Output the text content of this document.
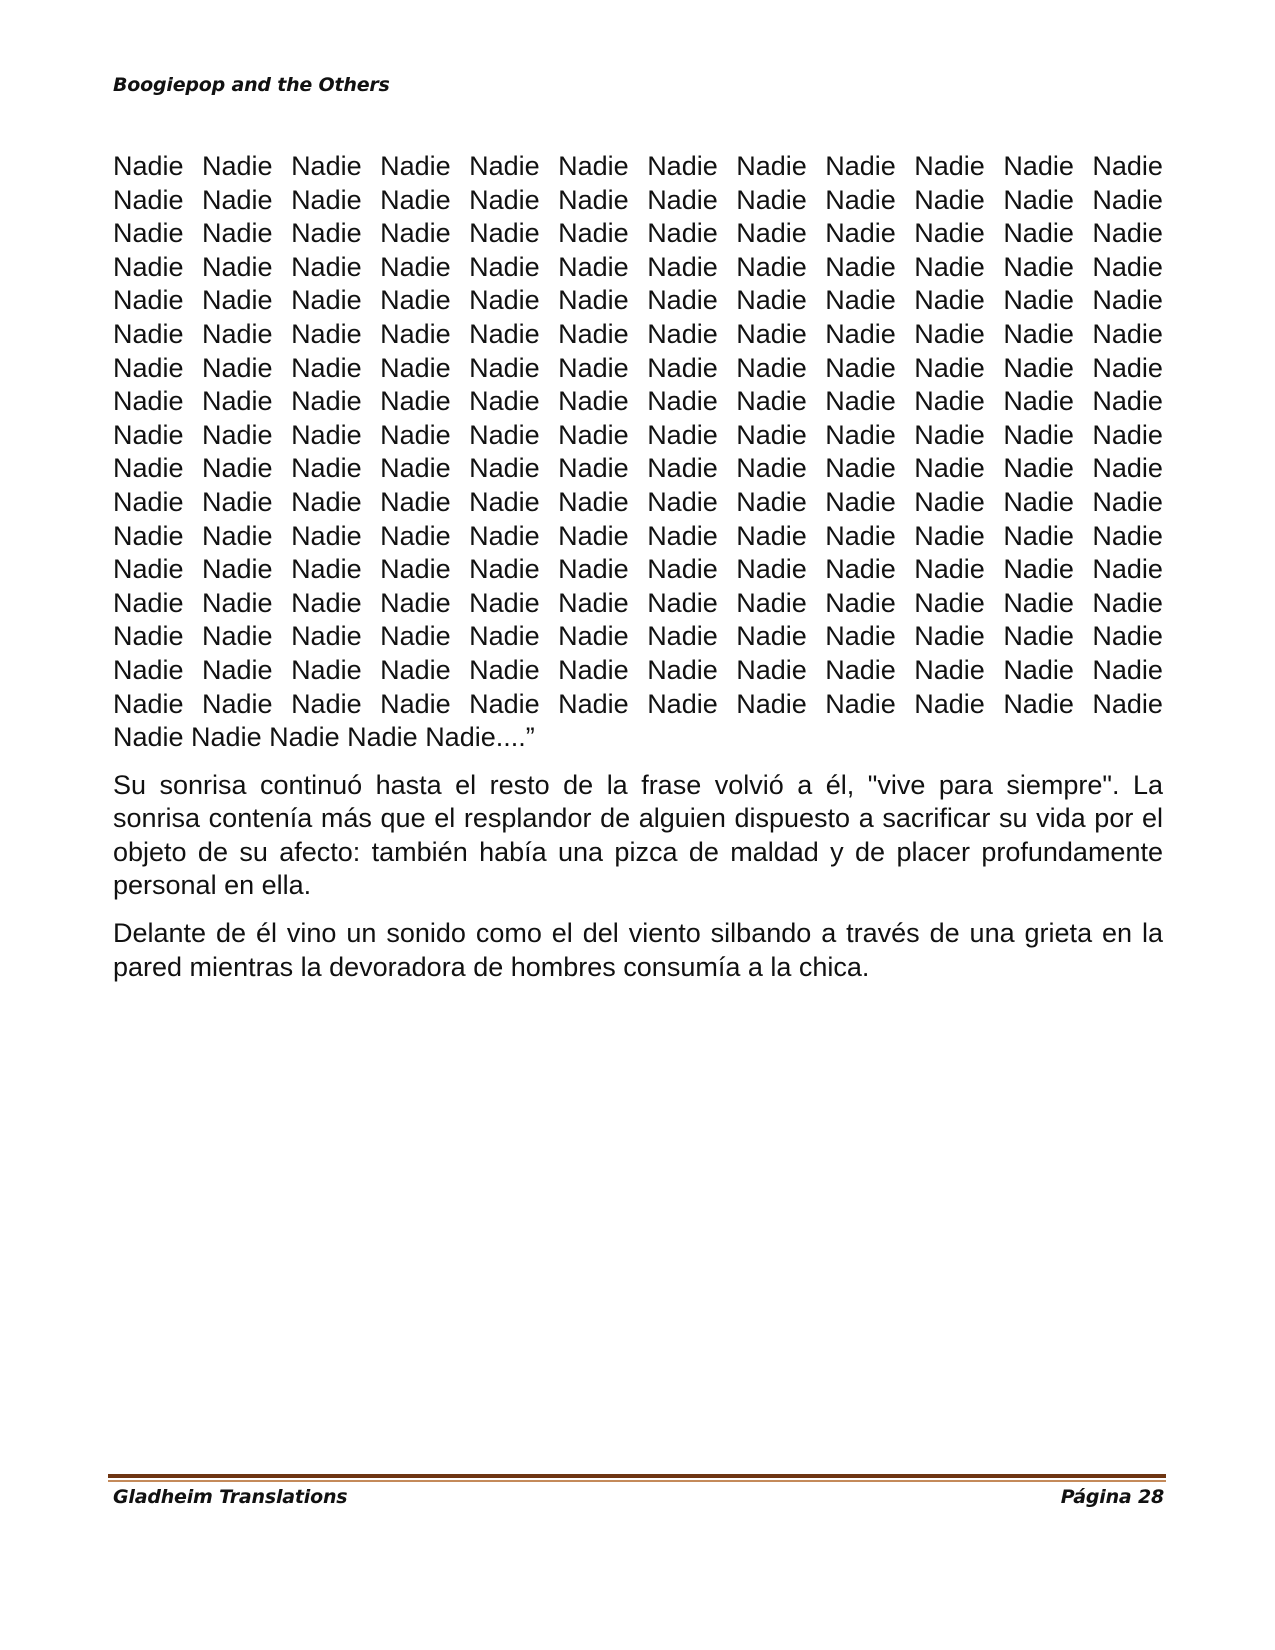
Boogiepop and the Others
Nadie Nadie Nadie Nadie Nadie Nadie Nadie Nadie Nadie Nadie Nadie Nadie
Nadie Nadie Nadie Nadie Nadie Nadie Nadie Nadie Nadie Nadie Nadie Nadie
Nadie Nadie Nadie Nadie Nadie Nadie Nadie Nadie Nadie Nadie Nadie Nadie
Nadie Nadie Nadie Nadie Nadie Nadie Nadie Nadie Nadie Nadie Nadie Nadie
Nadie Nadie Nadie Nadie Nadie Nadie Nadie Nadie Nadie Nadie Nadie Nadie
Nadie Nadie Nadie Nadie Nadie Nadie Nadie Nadie Nadie Nadie Nadie Nadie
Nadie Nadie Nadie Nadie Nadie Nadie Nadie Nadie Nadie Nadie Nadie Nadie
Nadie Nadie Nadie Nadie Nadie Nadie Nadie Nadie Nadie Nadie Nadie Nadie
Nadie Nadie Nadie Nadie Nadie Nadie Nadie Nadie Nadie Nadie Nadie Nadie
Nadie Nadie Nadie Nadie Nadie Nadie Nadie Nadie Nadie Nadie Nadie Nadie
Nadie Nadie Nadie Nadie Nadie Nadie Nadie Nadie Nadie Nadie Nadie Nadie
Nadie Nadie Nadie Nadie Nadie Nadie Nadie Nadie Nadie Nadie Nadie Nadie
Nadie Nadie Nadie Nadie Nadie Nadie Nadie Nadie Nadie Nadie Nadie Nadie
Nadie Nadie Nadie Nadie Nadie Nadie Nadie Nadie Nadie Nadie Nadie Nadie
Nadie Nadie Nadie Nadie Nadie Nadie Nadie Nadie Nadie Nadie Nadie Nadie
Nadie Nadie Nadie Nadie Nadie Nadie Nadie Nadie Nadie Nadie Nadie Nadie
Nadie Nadie Nadie Nadie Nadie Nadie Nadie Nadie Nadie Nadie Nadie Nadie
Nadie Nadie Nadie Nadie Nadie....”

Su sonrisa continuó hasta el resto de la frase volvió a él, "vive para siempre". La sonrisa contenía más que el resplandor de alguien dispuesto a sacrificar su vida por el objeto de su afecto: también había una pizca de maldad y de placer profundamente personal en ella.

Delante de él vino un sonido como el del viento silbando a través de una grieta en la pared mientras la devoradora de hombres consumía a la chica.

Gladheim Translations	Página 28
